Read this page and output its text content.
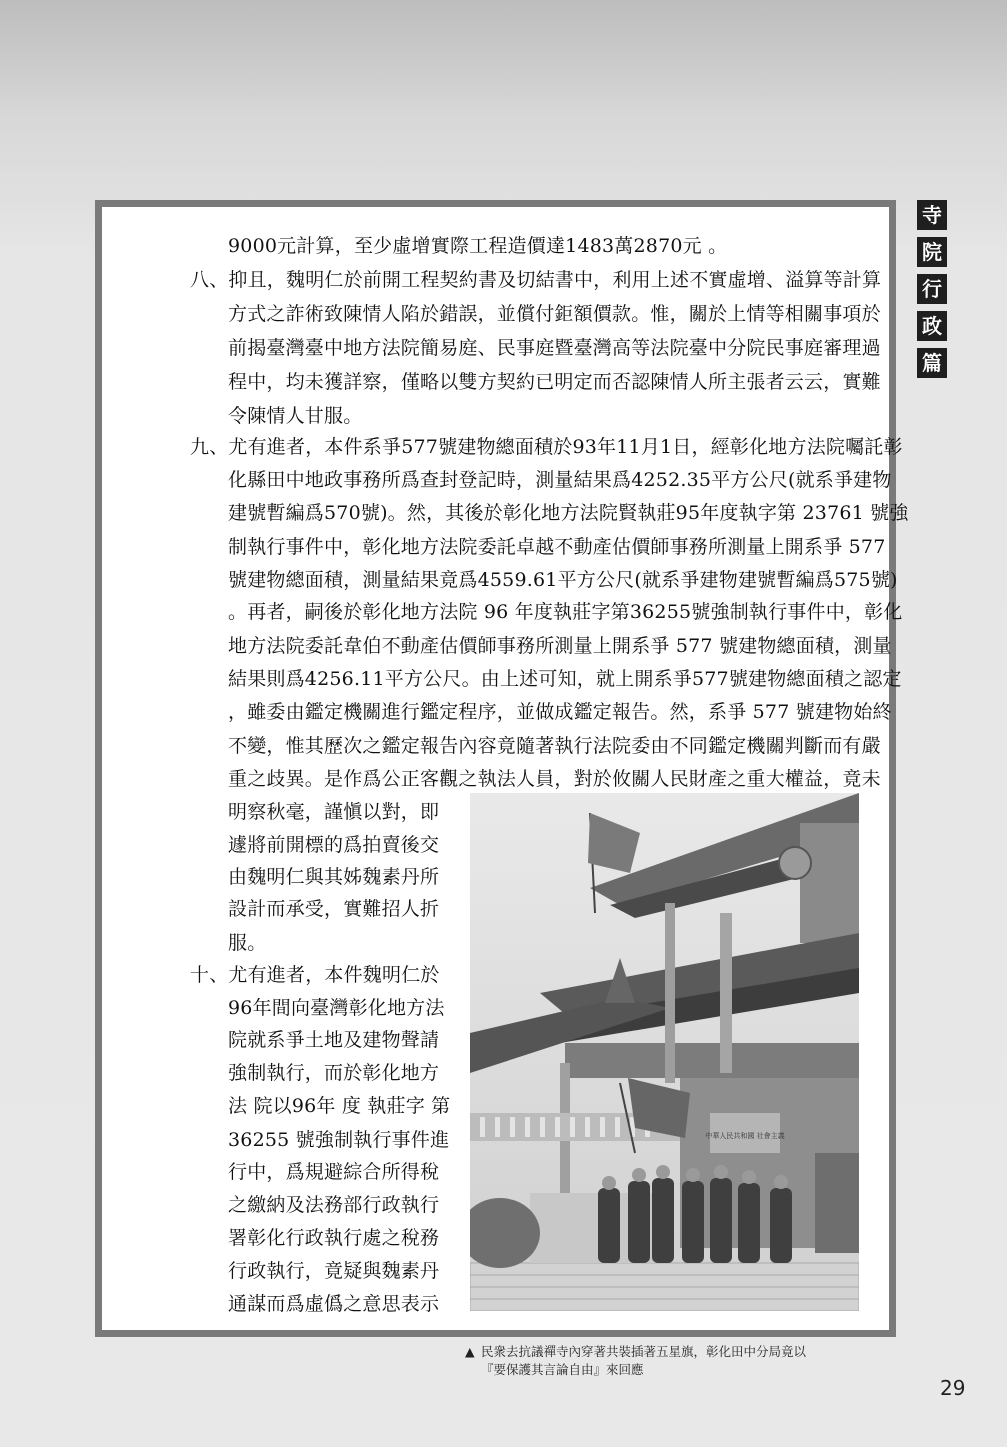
寺
院
行
政
篇
9000元計算，至少虛增實際工程造價達1483萬2870元 。
八、抑且，魏明仁於前開工程契約書及切結書中，利用上述不實虛增、溢算等計算
方式之詐術致陳情人陷於錯誤，並償付鉅額價款。惟，關於上情等相關事項於
前揭臺灣臺中地方法院簡易庭、民事庭暨臺灣高等法院臺中分院民事庭審理過
程中，均未獲詳察，僅略以雙方契約已明定而否認陳情人所主張者云云，實難
令陳情人甘服。
九、尤有進者，本件系爭577號建物總面積於93年11月1日，經彰化地方法院囑託彰
化縣田中地政事務所爲查封登記時，測量結果爲4252.35平方公尺(就系爭建物
建號暫編爲570號)。然，其後於彰化地方法院賢執莊95年度執字第 23761 號強
制執行事件中，彰化地方法院委託卓越不動產估價師事務所測量上開系爭 577
號建物總面積，測量結果竟爲4559.61平方公尺(就系爭建物建號暫編爲575號)
。再者，嗣後於彰化地方法院 96 年度執莊字第36255號強制執行事件中，彰化
地方法院委託韋伯不動產估價師事務所測量上開系爭 577 號建物總面積，測量
結果則爲4256.11平方公尺。由上述可知，就上開系爭577號建物總面積之認定
，雖委由鑑定機關進行鑑定程序，並做成鑑定報告。然，系爭 577 號建物始終
不變，惟其歷次之鑑定報告內容竟隨著執行法院委由不同鑑定機關判斷而有嚴
重之歧異。是作爲公正客觀之執法人員，對於攸關人民財產之重大權益，竟未
明察秋毫，謹愼以對，即
遽將前開標的爲拍賣後交
由魏明仁與其姊魏素丹所
設計而承受，實難招人折
服。
十、尤有進者，本件魏明仁於
96年間向臺灣彰化地方法
院就系爭土地及建物聲請
強制執行，而於彰化地方
法 院以96年 度 執莊字 第
36255 號強制執行事件進
行中，爲規避綜合所得稅
之繳納及法務部行政執行
署彰化行政執行處之稅務
行政執行，竟疑與魏素丹
通謀而爲虛僞之意思表示
中華人民共和國 社會主義
▲ 民衆去抗議禪寺內穿著共裝插著五星旗，彰化田中分局竟以
『要保護其言論自由』來回應
29
